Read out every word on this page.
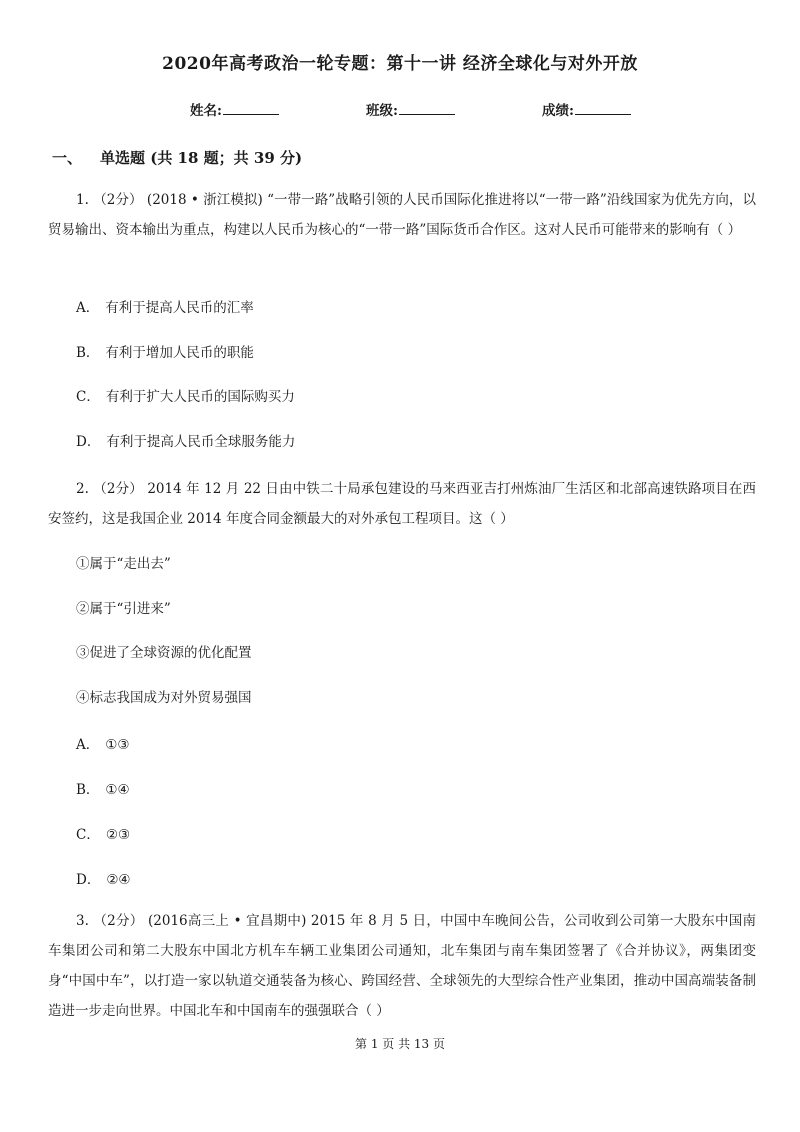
2020年高考政治一轮专题：第十一讲 经济全球化与对外开放
姓名:	班级:	成绩:
一、 单选题 (共 18 题；共 39 分)
1. （2分） (2018 • 浙江模拟) “一带一路”战略引领的人民币国际化推进将以“一带一路”沿线国家为优先方向，以贸易输出、资本输出为重点，构建以人民币为核心的“一带一路”国际货币合作区。这对人民币可能带来的影响有（ ）
A． 有利于提高人民币的汇率
B． 有利于增加人民币的职能
C． 有利于扩大人民币的国际购买力
D． 有利于提高人民币全球服务能力
2. （2分） 2014 年 12 月 22 日由中铁二十局承包建设的马来西亚吉打州炼油厂生活区和北部高速铁路项目在西安签约，这是我国企业 2014 年度合同金额最大的对外承包工程项目。这（ ）
①属于“走出去”
②属于“引进来”
③促进了全球资源的优化配置
④标志我国成为对外贸易强国
A． ①③
B． ①④
C． ②③
D． ②④
3. （2分） (2016高三上 • 宜昌期中) 2015 年 8 月 5 日，中国中车晚间公告，公司收到公司第一大股东中国南车集团公司和第二大股东中国北方机车车辆工业集团公司通知，北车集团与南车集团签署了《合并协议》，两集团变身“中国中车”，以打造一家以轨道交通装备为核心、跨国经营、全球领先的大型综合性产业集团，推动中国高端装备制造进一步走向世界。中国北车和中国南车的强强联合（ ）
第 1 页 共 13 页
